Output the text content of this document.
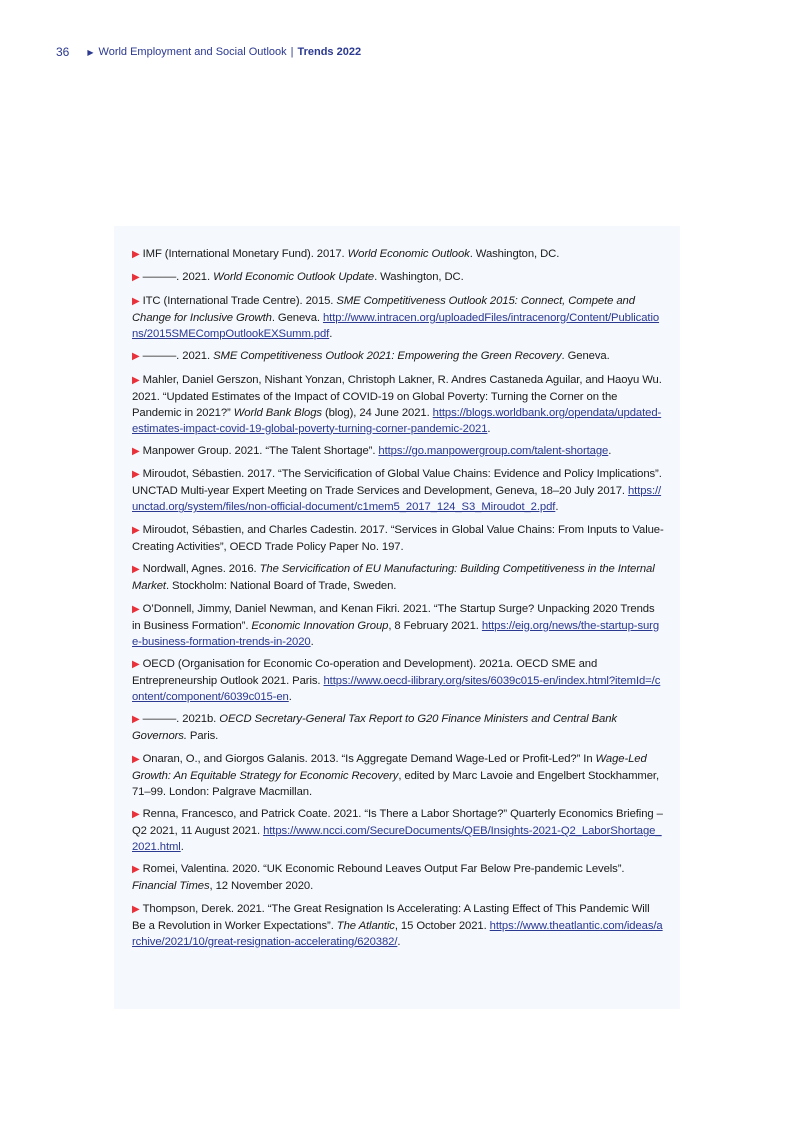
36 ▶ World Employment and Social Outlook | Trends 2022

▶ IMF (International Monetary Fund). 2017. World Economic Outlook. Washington, DC.

▶ ———. 2021. World Economic Outlook Update. Washington, DC.

▶ ITC (International Trade Centre). 2015. SME Competitiveness Outlook 2015: Connect, Compete and Change for Inclusive Growth. Geneva. http://www.intracen.org/uploadedFiles/intracenorg/Content/Publications/2015SMECompOutlookEXSumm.pdf.

▶ ———. 2021. SME Competitiveness Outlook 2021: Empowering the Green Recovery. Geneva.

▶ Mahler, Daniel Gerszon, Nishant Yonzan, Christoph Lakner, R. Andres Castaneda Aguilar, and Haoyu Wu. 2021. “Updated Estimates of the Impact of COVID-19 on Global Poverty: Turning the Corner on the Pandemic in 2021?” World Bank Blogs (blog), 24 June 2021. https://blogs.worldbank.org/opendata/updated-estimates-impact-covid-19-global-poverty-turning-corner-pandemic-2021.

▶ Manpower Group. 2021. “The Talent Shortage”. https://go.manpowergroup.com/talent-shortage.

▶ Miroudot, Sébastien. 2017. “The Servicification of Global Value Chains: Evidence and Policy Implications”. UNCTAD Multi-year Expert Meeting on Trade Services and Development, Geneva, 18–20 July 2017. https://unctad.org/system/files/non-official-document/c1mem5_2017_124_S3_Miroudot_2.pdf.

▶ Miroudot, Sébastien, and Charles Cadestin. 2017. “Services in Global Value Chains: From Inputs to Value-Creating Activities”, OECD Trade Policy Paper No. 197.

▶ Nordwall, Agnes. 2016. The Servicification of EU Manufacturing: Building Competitiveness in the Internal Market. Stockholm: National Board of Trade, Sweden.

▶ O’Donnell, Jimmy, Daniel Newman, and Kenan Fikri. 2021. “The Startup Surge? Unpacking 2020 Trends in Business Formation”. Economic Innovation Group, 8 February 2021. https://eig.org/news/the-startup-surge-business-formation-trends-in-2020.

▶ OECD (Organisation for Economic Co-operation and Development). 2021a. OECD SME and Entrepreneurship Outlook 2021. Paris. https://www.oecd-ilibrary.org/sites/6039c015-en/index.html?itemId=/content/component/6039c015-en.

▶ ———. 2021b. OECD Secretary-General Tax Report to G20 Finance Ministers and Central Bank Governors. Paris.

▶ Onaran, O., and Giorgos Galanis. 2013. “Is Aggregate Demand Wage-Led or Profit-Led?” In Wage-Led Growth: An Equitable Strategy for Economic Recovery, edited by Marc Lavoie and Engelbert Stockhammer, 71–99. London: Palgrave Macmillan.

▶ Renna, Francesco, and Patrick Coate. 2021. “Is There a Labor Shortage?” Quarterly Economics Briefing – Q2 2021, 11 August 2021. https://www.ncci.com/SecureDocuments/QEB/Insights-2021-Q2_LaborShortage_2021.html.

▶ Romei, Valentina. 2020. “UK Economic Rebound Leaves Output Far Below Pre-pandemic Levels”. Financial Times, 12 November 2020.

▶ Thompson, Derek. 2021. “The Great Resignation Is Accelerating: A Lasting Effect of This Pandemic Will Be a Revolution in Worker Expectations”. The Atlantic, 15 October 2021. https://www.theatlantic.com/ideas/archive/2021/10/great-resignation-accelerating/620382/.
